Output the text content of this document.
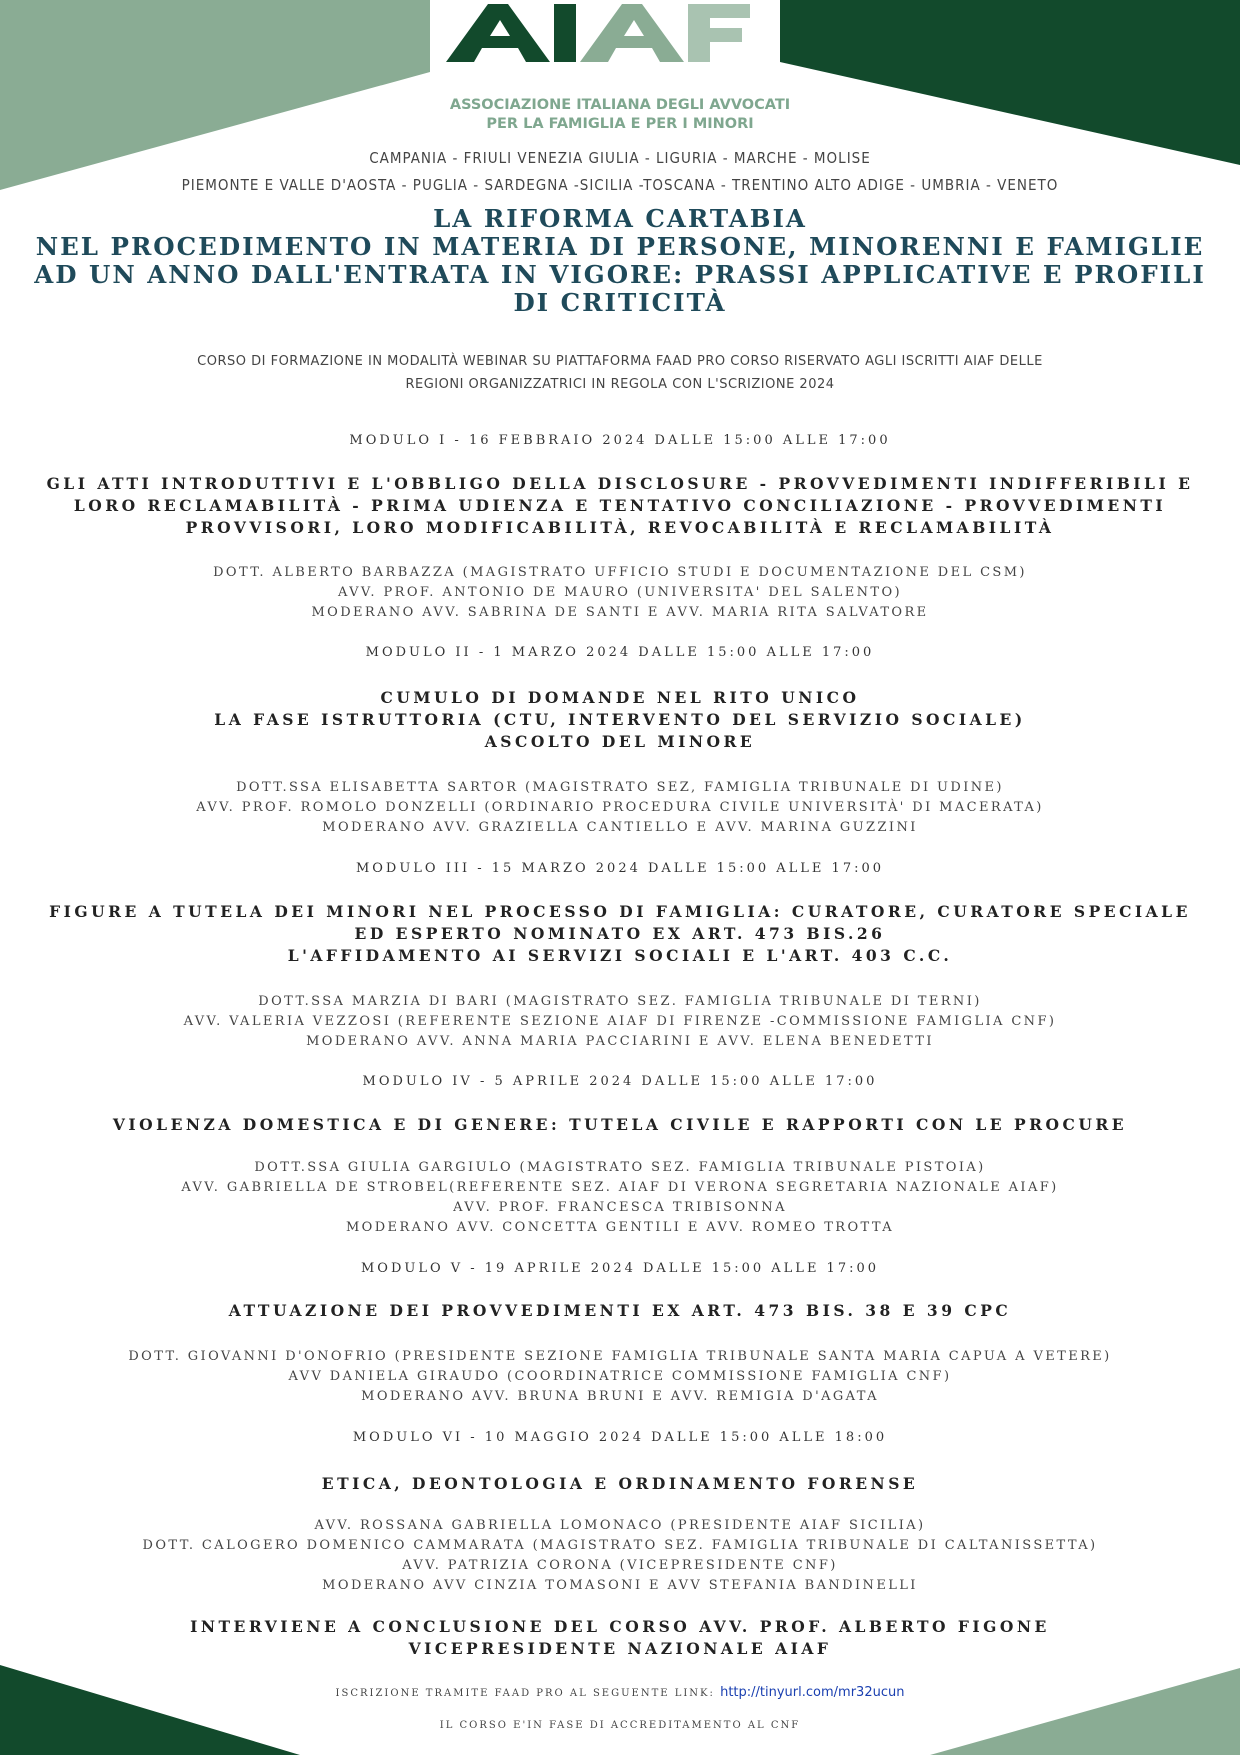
ASSOCIAZIONE ITALIANA DEGLI AVVOCATI
PER LA FAMIGLIA E PER I MINORI
CAMPANIA - FRIULI VENEZIA GIULIA - LIGURIA - MARCHE - MOLISE
PIEMONTE E VALLE D'AOSTA - PUGLIA - SARDEGNA -SICILIA -TOSCANA - TRENTINO ALTO ADIGE - UMBRIA - VENETO
LA RIFORMA CARTABIA
NEL PROCEDIMENTO IN MATERIA DI PERSONE, MINORENNI E FAMIGLIE
AD UN ANNO DALL'ENTRATA IN VIGORE: PRASSI APPLICATIVE E PROFILI
DI CRITICITÀ
CORSO DI FORMAZIONE IN MODALITÀ WEBINAR SU PIATTAFORMA FAAD PRO CORSO RISERVATO AGLI ISCRITTI AIAF DELLE
REGIONI ORGANIZZATRICI IN REGOLA CON L'SCRIZIONE 2024
MODULO I - 16 FEBBRAIO 2024 DALLE 15:00 ALLE 17:00
GLI ATTI INTRODUTTIVI E L'OBBLIGO DELLA DISCLOSURE - PROVVEDIMENTI INDIFFERIBILI E
LORO RECLAMABILITÀ - PRIMA UDIENZA E TENTATIVO CONCILIAZIONE - PROVVEDIMENTI
PROVVISORI, LORO MODIFICABILITÀ, REVOCABILITÀ E RECLAMABILITÀ
DOTT. ALBERTO BARBAZZA (MAGISTRATO UFFICIO STUDI E DOCUMENTAZIONE DEL CSM)
AVV. PROF. ANTONIO DE MAURO (UNIVERSITA' DEL SALENTO)
MODERANO AVV. SABRINA DE SANTI E AVV. MARIA RITA SALVATORE
MODULO II - 1 MARZO 2024 DALLE 15:00 ALLE 17:00
CUMULO DI DOMANDE NEL RITO UNICO
LA FASE ISTRUTTORIA (CTU, INTERVENTO DEL SERVIZIO SOCIALE)
ASCOLTO DEL MINORE
DOTT.SSA ELISABETTA SARTOR (MAGISTRATO SEZ, FAMIGLIA TRIBUNALE DI UDINE)
AVV. PROF. ROMOLO DONZELLI (ORDINARIO PROCEDURA CIVILE UNIVERSITÀ' DI MACERATA)
MODERANO AVV. GRAZIELLA CANTIELLO E AVV. MARINA GUZZINI
MODULO III - 15 MARZO 2024 DALLE 15:00 ALLE 17:00
FIGURE A TUTELA DEI MINORI NEL PROCESSO DI FAMIGLIA: CURATORE, CURATORE SPECIALE
ED ESPERTO NOMINATO EX ART. 473 BIS.26
L'AFFIDAMENTO AI SERVIZI SOCIALI E L'ART. 403 C.C.
DOTT.SSA MARZIA DI BARI (MAGISTRATO SEZ. FAMIGLIA TRIBUNALE DI TERNI)
AVV. VALERIA VEZZOSI (REFERENTE SEZIONE AIAF DI FIRENZE -COMMISSIONE FAMIGLIA CNF)
MODERANO AVV. ANNA MARIA PACCIARINI E AVV. ELENA BENEDETTI
MODULO IV - 5 APRILE 2024 DALLE 15:00 ALLE 17:00
VIOLENZA DOMESTICA E DI GENERE: TUTELA CIVILE E RAPPORTI CON LE PROCURE
DOTT.SSA GIULIA GARGIULO (MAGISTRATO SEZ. FAMIGLIA TRIBUNALE PISTOIA)
AVV. GABRIELLA DE STROBEL(REFERENTE SEZ. AIAF DI VERONA SEGRETARIA NAZIONALE AIAF)
AVV. PROF. FRANCESCA TRIBISONNA
MODERANO AVV. CONCETTA GENTILI E AVV. ROMEO TROTTA
MODULO V - 19 APRILE 2024 DALLE 15:00 ALLE 17:00
ATTUAZIONE DEI PROVVEDIMENTI EX ART. 473 BIS. 38 E 39 CPC
DOTT. GIOVANNI D'ONOFRIO (PRESIDENTE SEZIONE FAMIGLIA TRIBUNALE SANTA MARIA CAPUA A VETERE)
AVV DANIELA GIRAUDO (COORDINATRICE COMMISSIONE FAMIGLIA CNF)
MODERANO AVV. BRUNA BRUNI E AVV. REMIGIA D'AGATA
MODULO VI - 10 MAGGIO 2024 DALLE 15:00 ALLE 18:00
ETICA, DEONTOLOGIA E ORDINAMENTO FORENSE
AVV. ROSSANA GABRIELLA LOMONACO (PRESIDENTE AIAF SICILIA)
DOTT. CALOGERO DOMENICO CAMMARATA (MAGISTRATO SEZ. FAMIGLIA TRIBUNALE DI CALTANISSETTA)
AVV. PATRIZIA CORONA (VICEPRESIDENTE CNF)
MODERANO AVV CINZIA TOMASONI E AVV STEFANIA BANDINELLI
INTERVIENE A CONCLUSIONE DEL CORSO AVV. PROF. ALBERTO FIGONE
VICEPRESIDENTE NAZIONALE AIAF
ISCRIZIONE TRAMITE FAAD PRO AL SEGUENTE LINK: http://tinyurl.com/mr32ucun
IL CORSO E'IN FASE DI ACCREDITAMENTO AL CNF
